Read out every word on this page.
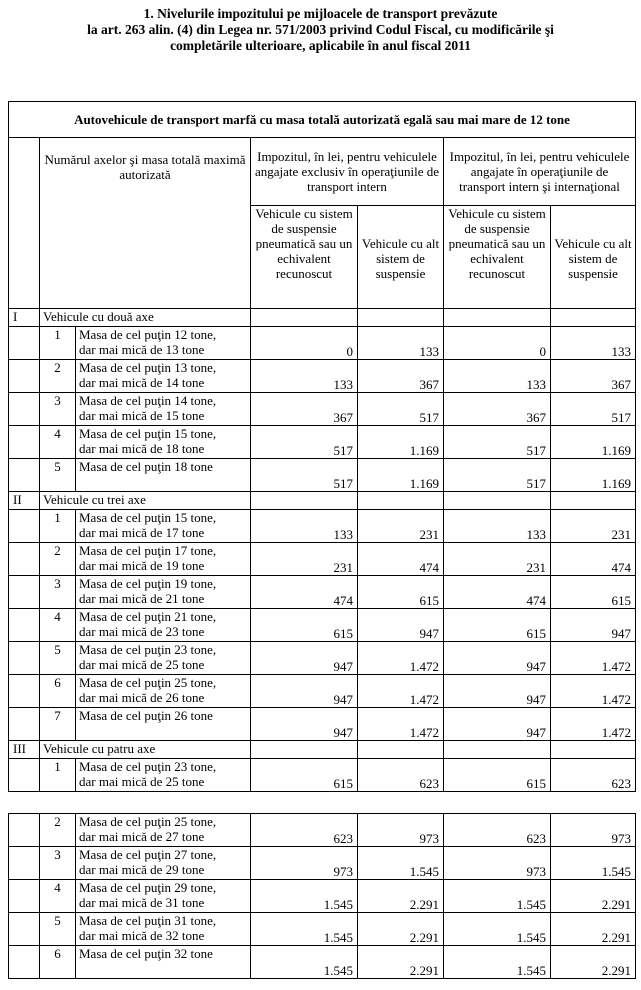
1. Nivelurile impozitului pe mijloacele de transport prevăzute
la art. 263 alin. (4) din Legea nr. 571/2003 privind Codul Fiscal, cu modificările şi
completările ulterioare, aplicabile în anul fiscal 2011
Autovehicule de transport marfă cu masa totală autorizată egală sau mai mare de 12 tone						
	Numărul axelor şi masa totală maximă autorizată		Impozitul, în lei, pentru vehiculele angajate exclusiv în operaţiunile de transport intern		Impozitul, în lei, pentru vehiculele angajate în operaţiunile de transport intern şi internaţional	
			Vehicule cu sistem de suspensie pneumatică sau un echivalent recunoscut	Vehicule cu alt sistem de suspensie	Vehicule cu sistem de suspensie pneumatică sau un echivalent recunoscut	Vehicule cu alt sistem de suspensie
I	Vehicule cu două axe					
	1	Masa de cel puţin 12 tone,
dar mai mică de 13 tone	0	133	0	133
	2	Masa de cel puţin 13 tone,
dar mai mică de 14 tone	133	367	133	367
	3	Masa de cel puţin 14 tone,
dar mai mică de 15 tone	367	517	367	517
	4	Masa de cel puţin 15 tone,
dar mai mică de 18 tone	517	1.169	517	1.169
	5	Masa de cel puţin 18 tone	517	1.169	517	1.169
II	Vehicule cu trei axe					
	1	Masa de cel puţin 15 tone,
dar mai mică de 17 tone	133	231	133	231
	2	Masa de cel puţin 17 tone,
dar mai mică de 19 tone	231	474	231	474
	3	Masa de cel puţin 19 tone,
dar mai mică de 21 tone	474	615	474	615
	4	Masa de cel puţin 21 tone,
dar mai mică de 23 tone	615	947	615	947
	5	Masa de cel puţin 23 tone,
dar mai mică de 25 tone	947	1.472	947	1.472
	6	Masa de cel puţin 25 tone,
dar mai mică de 26 tone	947	1.472	947	1.472
	7	Masa de cel puţin 26 tone	947	1.472	947	1.472
III	Vehicule cu patru axe					
	1	Masa de cel puţin 23 tone,
dar mai mică de 25 tone	615	623	615	623
	2	Masa de cel puţin 25 tone,
dar mai mică de 27 tone	623	973	623	973
	3	Masa de cel puţin 27 tone,
dar mai mică de 29 tone	973	1.545	973	1.545
	4	Masa de cel puţin 29 tone,
dar mai mică de 31 tone	1.545	2.291	1.545	2.291
	5	Masa de cel puţin 31 tone,
dar mai mică de 32 tone	1.545	2.291	1.545	2.291
	6	Masa de cel puţin 32 tone	1.545	2.291	1.545	2.291
